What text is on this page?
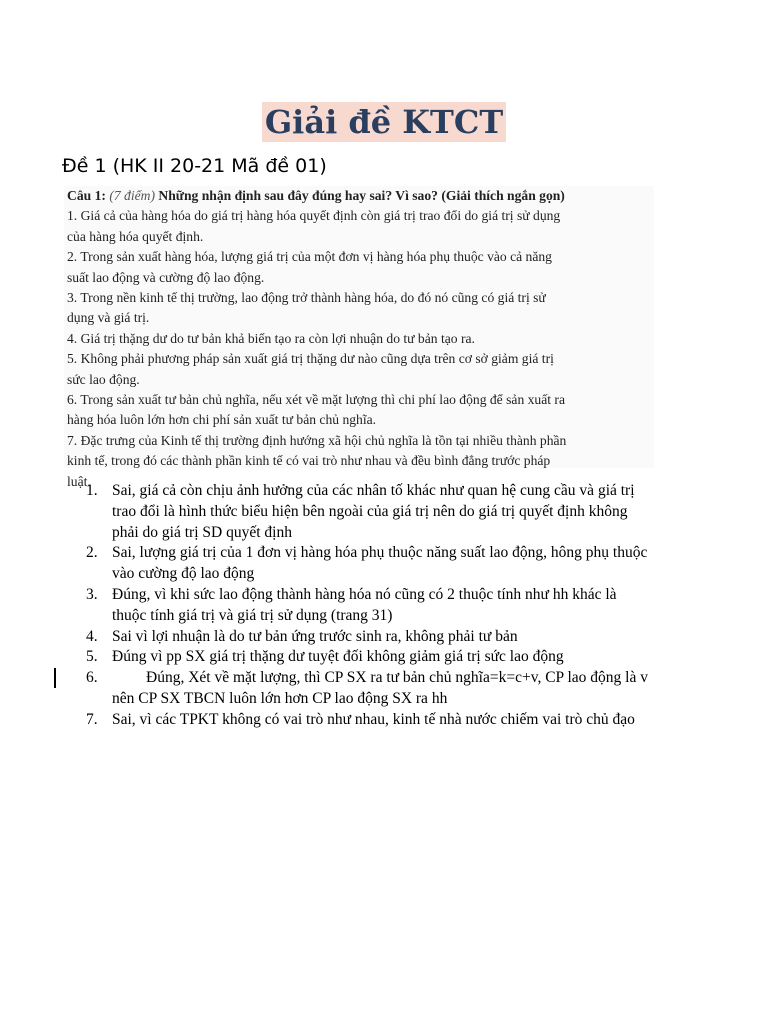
Giải đề KTCT
Đề 1 (HK II 20-21 Mã đề 01)
Câu 1: (7 điểm) Những nhận định sau đây đúng hay sai? Vì sao? (Giải thích ngắn gọn)
1. Giá cả của hàng hóa do giá trị hàng hóa quyết định còn giá trị trao đổi do giá trị sử dụng
của hàng hóa quyết định.
2. Trong sản xuất hàng hóa, lượng giá trị của một đơn vị hàng hóa phụ thuộc vào cả năng
suất lao động và cường độ lao động.
3. Trong nền kinh tế thị trường, lao động trở thành hàng hóa, do đó nó cũng có giá trị sử
dụng và giá trị.
4. Giá trị thặng dư do tư bản khả biến tạo ra còn lợi nhuận do tư bản tạo ra.
5. Không phải phương pháp sản xuất giá trị thặng dư nào cũng dựa trên cơ sở giảm giá trị
sức lao động.
6. Trong sản xuất tư bản chủ nghĩa, nếu xét về mặt lượng thì chi phí lao động để sản xuất ra
hàng hóa luôn lớn hơn chi phí sản xuất tư bản chủ nghĩa.
7. Đặc trưng của Kinh tế thị trường định hướng xã hội chủ nghĩa là tồn tại nhiều thành phần
kinh tế, trong đó các thành phần kinh tế có vai trò như nhau và đều bình đẳng trước pháp
luật.
1. Sai, giá cả còn chịu ảnh hưởng của các nhân tố khác như quan hệ cung cầu và giá trị
trao đổi là hình thức biểu hiện bên ngoài của giá trị nên do giá trị quyết định không
phải do giá trị SD quyết định
2. Sai, lượng giá trị của 1 đơn vị hàng hóa phụ thuộc năng suất lao động, hông phụ thuộc
vào cường độ lao động
3. Đúng, vì khi sức lao động thành hàng hóa nó cũng có 2 thuộc tính như hh khác là
thuộc tính giá trị và giá trị sử dụng (trang 31)
4. Sai vì lợi nhuận là do tư bản ứng trước sinh ra, không phải tư bản
5. Đúng vì pp SX giá trị thặng dư tuyệt đối không giảm giá trị sức lao động
6.	Đúng, Xét về mặt lượng, thì CP SX ra tư bản chủ nghĩa=k=c+v, CP lao động là v
nên CP SX TBCN luôn lớn hơn CP lao động SX ra hh
7. Sai, vì các TPKT không có vai trò như nhau, kinh tế nhà nước chiếm vai trò chủ đạo
